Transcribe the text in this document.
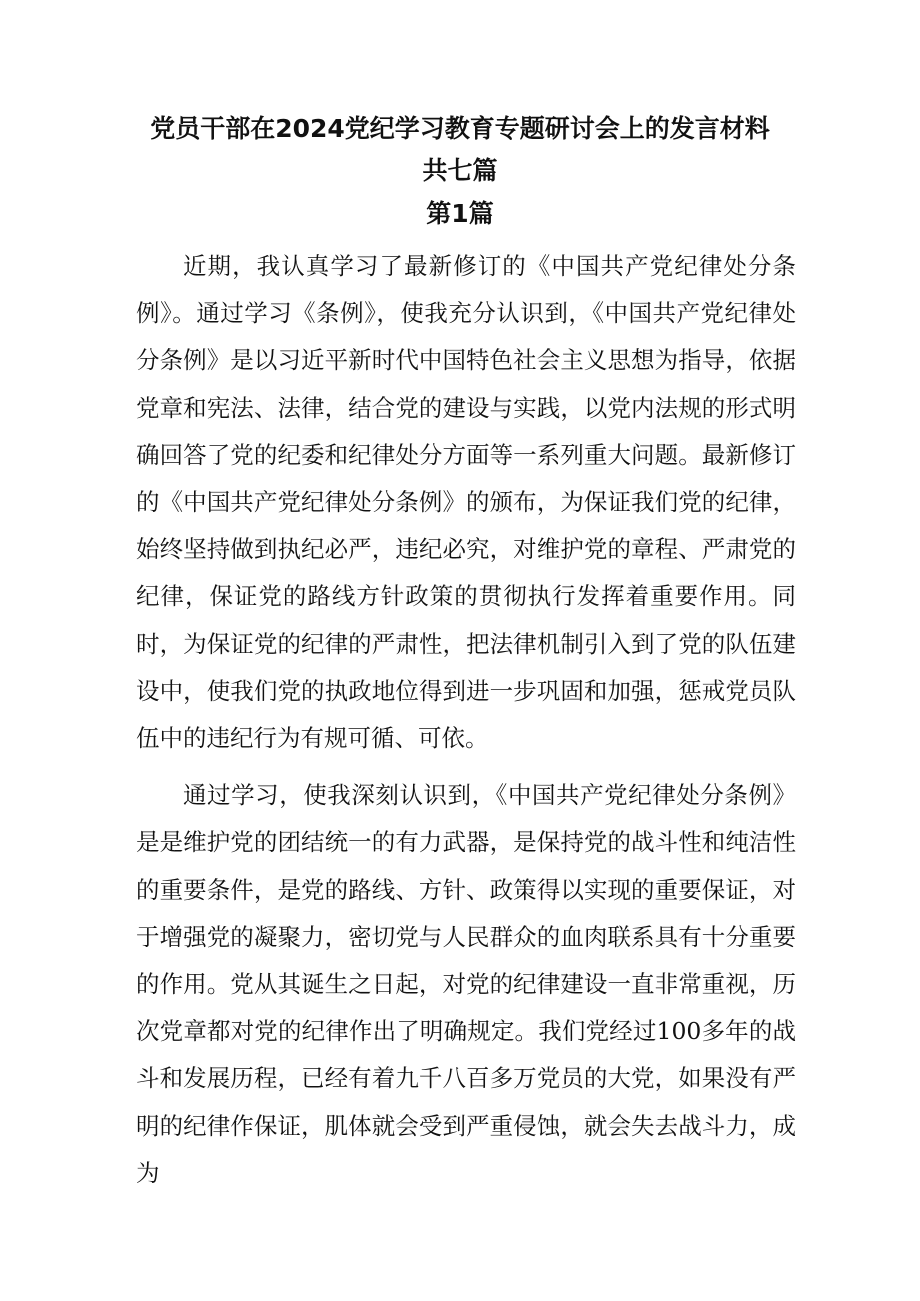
党员干部在2024党纪学习教育专题研讨会上的发言材料
共七篇
第1篇

近期，我认真学习了最新修订的《中国共产党纪律处分条例》。通过学习《条例》，使我充分认识到，《中国共产党纪律处分条例》是以习近平新时代中国特色社会主义思想为指导，依据党章和宪法、法律，结合党的建设与实践，以党内法规的形式明确回答了党的纪委和纪律处分方面等一系列重大问题。最新修订的《中国共产党纪律处分条例》的颁布，为保证我们党的纪律，始终坚持做到执纪必严，违纪必究，对维护党的章程、严肃党的纪律，保证党的路线方针政策的贯彻执行发挥着重要作用。同时，为保证党的纪律的严肃性，把法律机制引入到了党的队伍建设中，使我们党的执政地位得到进一步巩固和加强，惩戒党员队伍中的违纪行为有规可循、可依。

通过学习，使我深刻认识到，《中国共产党纪律处分条例》是是维护党的团结统一的有力武器，是保持党的战斗性和纯洁性的重要条件，是党的路线、方针、政策得以实现的重要保证，对于增强党的凝聚力，密切党与人民群众的血肉联系具有十分重要的作用。党从其诞生之日起，对党的纪律建设一直非常重视，历次党章都对党的纪律作出了明确规定。我们党经过100多年的战斗和发展历程，已经有着九千八百多万党员的大党，如果没有严明的纪律作保证，肌体就会受到严重侵蚀，就会失去战斗力，成为
